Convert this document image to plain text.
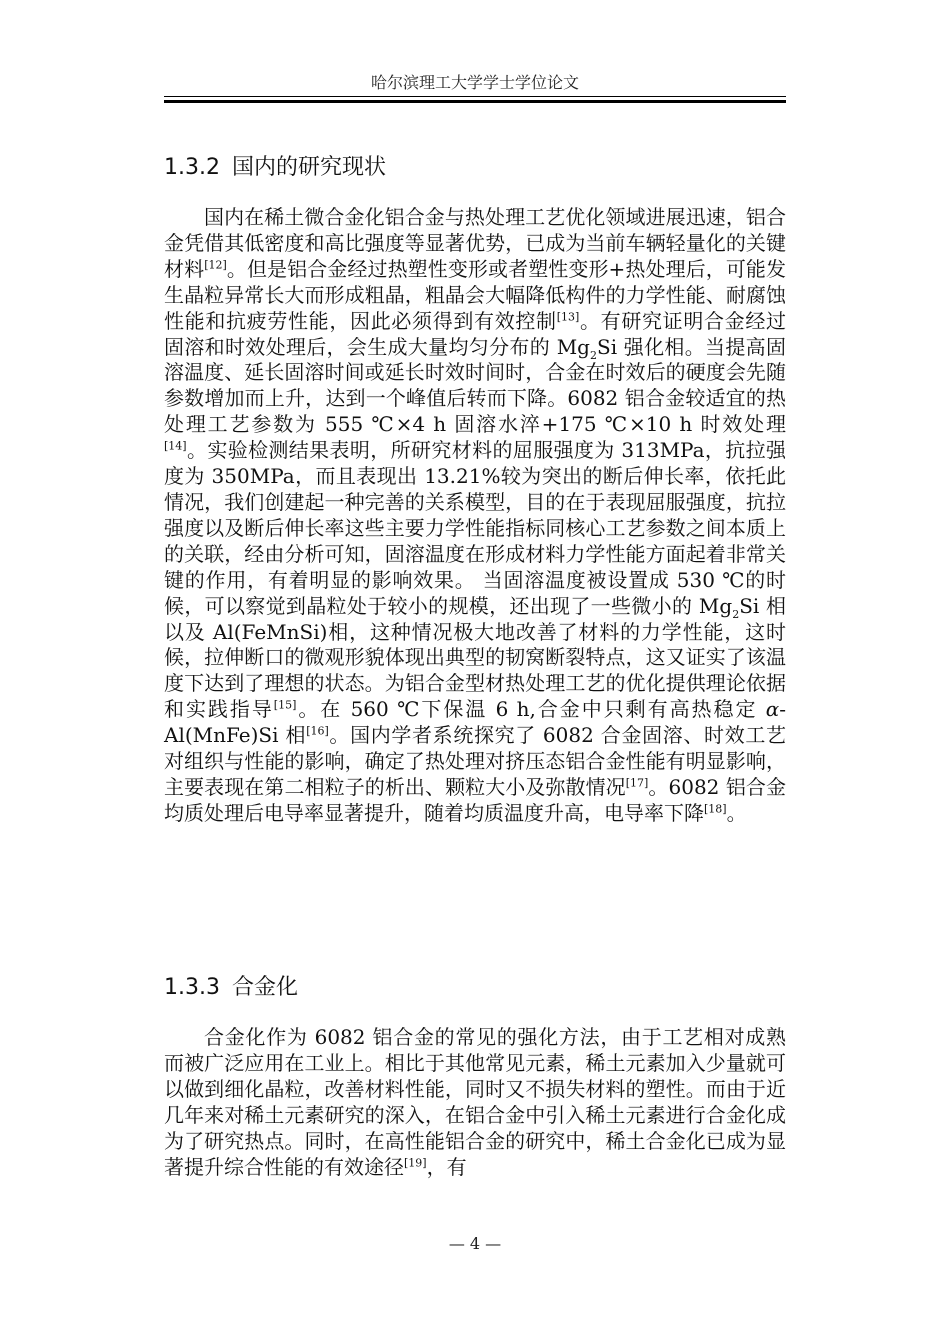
哈尔滨理工大学学士学位论文
1.3.2 国内的研究现状

国内在稀土微合金化铝合金与热处理工艺优化领域进展迅速，铝合金凭借其低密度和高比强度等显著优势，已成为当前车辆轻量化的关键材料[12]。但是铝合金经过热塑性变形或者塑性变形+热处理后，可能发生晶粒异常长大而形成粗晶，粗晶会大幅降低构件的力学性能、耐腐蚀性能和抗疲劳性能，因此必须得到有效控制[13]。有研究证明合金经过固溶和时效处理后，会生成大量均匀分布的 $Mg_2Si$ 强化相。当提高固溶温度、延长固溶时间或延长时效时间时，合金在时效后的硬度会先随参数增加而上升，达到一个峰值后转而下降。6082 铝合金较适宜的热处理工艺参数为 555 ℃×4 h 固溶水淬+175 ℃×10 h 时效处理[14]。实验检测结果表明，所研究材料的屈服强度为 313MPa，抗拉强度为 350MPa，而且表现出 13.21%较为突出的断后伸长率，依托此情况，我们创建起一种完善的关系模型，目的在于表现屈服强度，抗拉强度以及断后伸长率这些主要力学性能指标同核心工艺参数之间本质上的关联，经由分析可知，固溶温度在形成材料力学性能方面起着非常关键的作用，有着明显的影响效果。 当固溶温度被设置成 530 ℃的时候，可以察觉到晶粒处于较小的规模，还出现了一些微小的 $Mg_2Si$ 相以及 Al(FeMnSi)相，这种情况极大地改善了材料的力学性能，这时候，拉伸断口的微观形貌体现出典型的韧窝断裂特点，这又证实了该温度下达到了理想的状态。为铝合金型材热处理工艺的优化提供理论依据和实践指导[15]。在 560 ℃下保温 6 h,合金中只剩有高热稳定 α-Al(MnFe)Si 相[16]。国内学者系统探究了 6082 合金固溶、时效工艺对组织与性能的影响，确定了热处理对挤压态铝合金性能有明显影响，主要表现在第二相粒子的析出、颗粒大小及弥散情况[17]。6082 铝合金均质处理后电导率显著提升，随着均质温度升高，电导率下降[18]。

1.3.3 合金化

合金化作为 6082 铝合金的常见的强化方法，由于工艺相对成熟而被广泛应用在工业上。相比于其他常见元素，稀土元素加入少量就可以做到细化晶粒，改善材料性能，同时又不损失材料的塑性。而由于近几年来对稀土元素研究的深入，在铝合金中引入稀土元素进行合金化成为了研究热点。同时，在高性能铝合金的研究中，稀土合金化已成为显著提升综合性能的有效途径[19]，有

— 4 —
